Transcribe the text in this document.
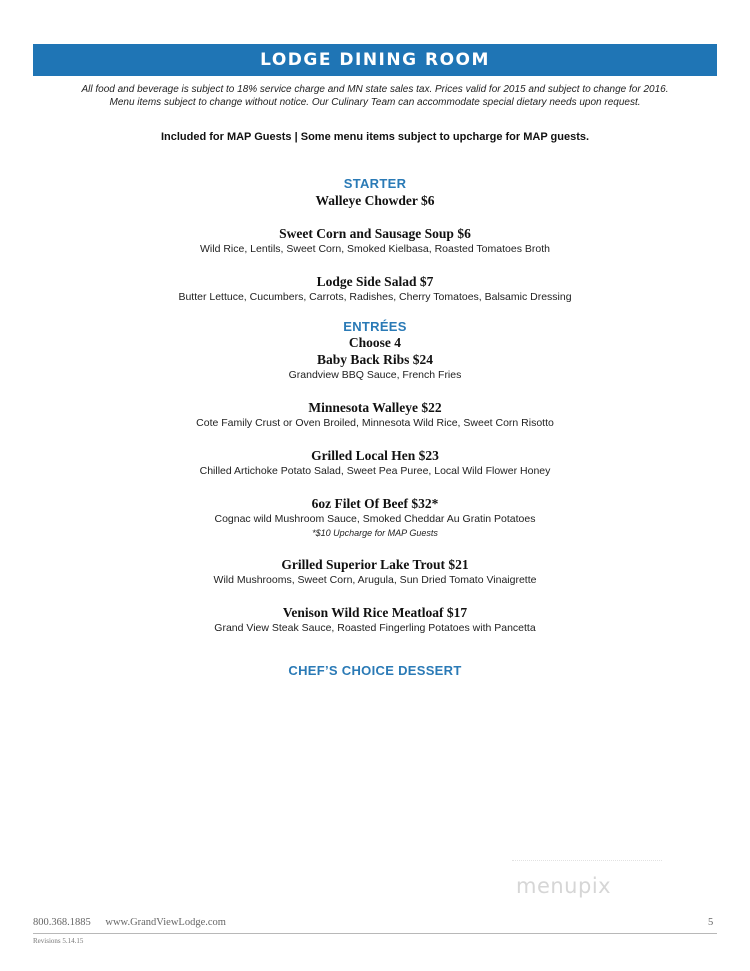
LODGE DINING ROOM
All food and beverage is subject to 18% service charge and MN state sales tax. Prices valid for 2015 and subject to change for 2016.
Menu items subject to change without notice. Our Culinary Team can accommodate special dietary needs upon request.
Included for MAP Guests | Some menu items subject to upcharge for MAP guests.
STARTER
Walleye Chowder $6
Sweet Corn and Sausage Soup $6
Wild Rice, Lentils, Sweet Corn, Smoked Kielbasa, Roasted Tomatoes Broth
Lodge Side Salad $7
Butter Lettuce, Cucumbers, Carrots, Radishes, Cherry Tomatoes, Balsamic Dressing
ENTRÉES
Choose 4
Baby Back Ribs $24
Grandview BBQ Sauce, French Fries
Minnesota Walleye $22
Cote Family Crust or Oven Broiled, Minnesota Wild Rice, Sweet Corn Risotto
Grilled Local Hen $23
Chilled Artichoke Potato Salad, Sweet Pea Puree, Local Wild Flower Honey
6oz Filet Of Beef $32*
Cognac wild Mushroom Sauce, Smoked Cheddar Au Gratin Potatoes
*$10 Upcharge for MAP Guests
Grilled Superior Lake Trout $21
Wild Mushrooms, Sweet Corn, Arugula, Sun Dried Tomato Vinaigrette
Venison Wild Rice Meatloaf $17
Grand View Steak Sauce, Roasted Fingerling Potatoes with Pancetta
CHEF’S CHOICE DESSERT
menupix
800.368.1885 www.GrandViewLodge.com	5
Revisions 5.14.15
